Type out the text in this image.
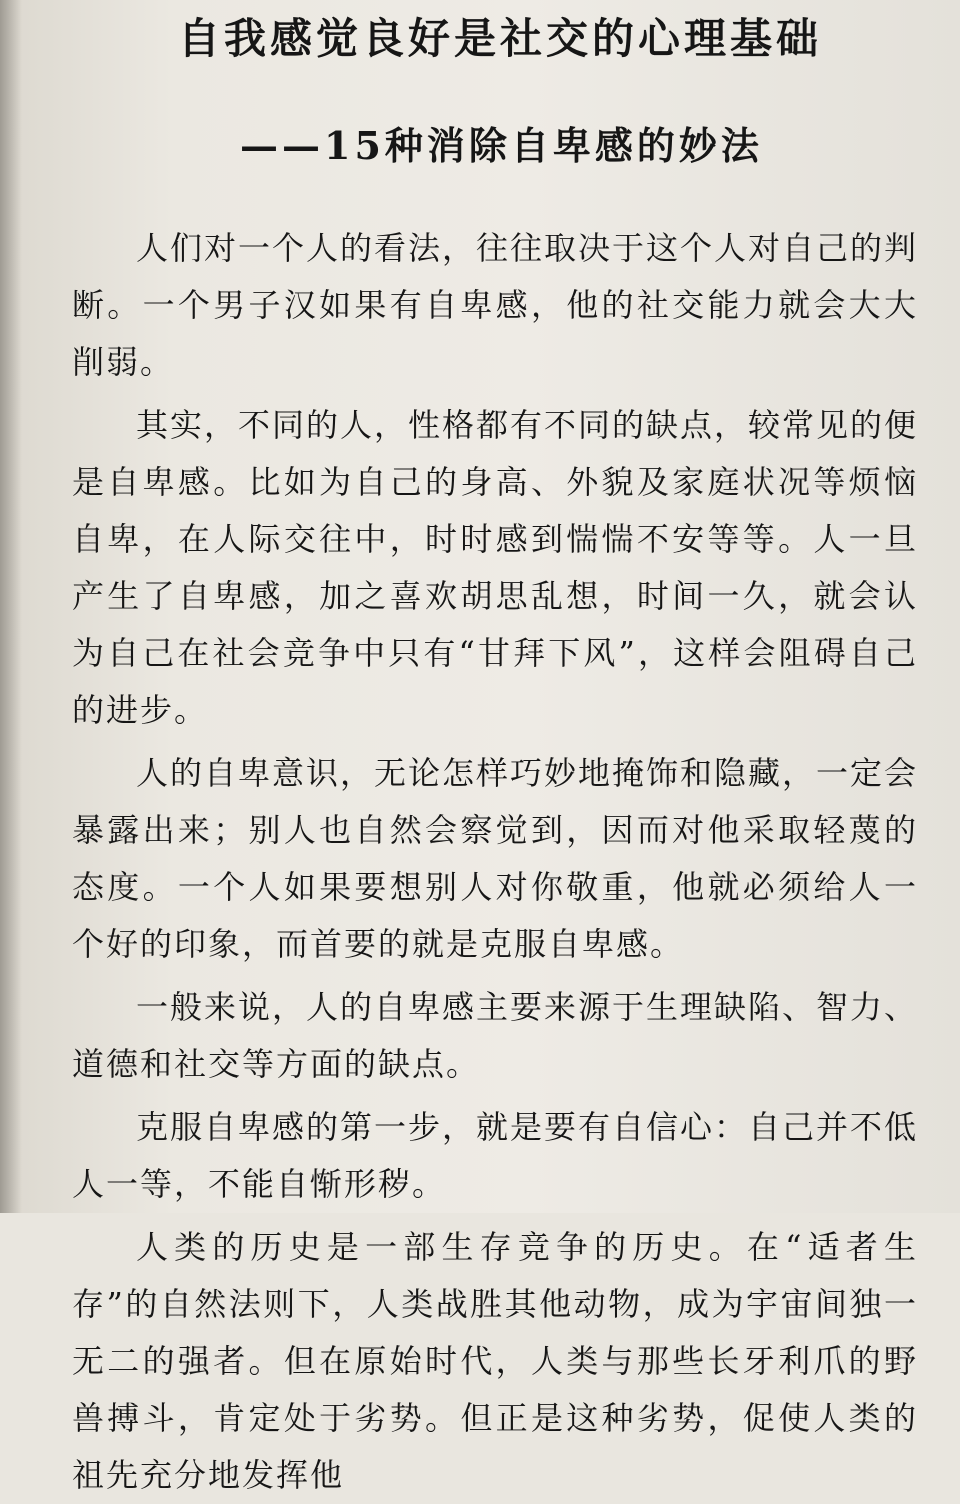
自我感觉良好是社交的心理基础
——15种消除自卑感的妙法

人们对一个人的看法，往往取决于这个人对自己的判断。一个男子汉如果有自卑感，他的社交能力就会大大削弱。

其实，不同的人，性格都有不同的缺点，较常见的便是自卑感。比如为自己的身高、外貌及家庭状况等烦恼自卑，在人际交往中，时时感到惴惴不安等等。人一旦产生了自卑感，加之喜欢胡思乱想，时间一久，就会认为自己在社会竞争中只有“甘拜下风”，这样会阻碍自己的进步。

人的自卑意识，无论怎样巧妙地掩饰和隐藏，一定会暴露出来；别人也自然会察觉到，因而对他采取轻蔑的态度。一个人如果要想别人对你敬重，他就必须给人一个好的印象，而首要的就是克服自卑感。

一般来说，人的自卑感主要来源于生理缺陷、智力、道德和社交等方面的缺点。

克服自卑感的第一步，就是要有自信心：自己并不低人一等，不能自惭形秽。

人类的历史是一部生存竞争的历史。在“适者生存”的自然法则下，人类战胜其他动物，成为宇宙间独一无二的强者。但在原始时代，人类与那些长牙利爪的野兽搏斗，肯定处于劣势。但正是这种劣势，促使人类的祖先充分地发挥他
